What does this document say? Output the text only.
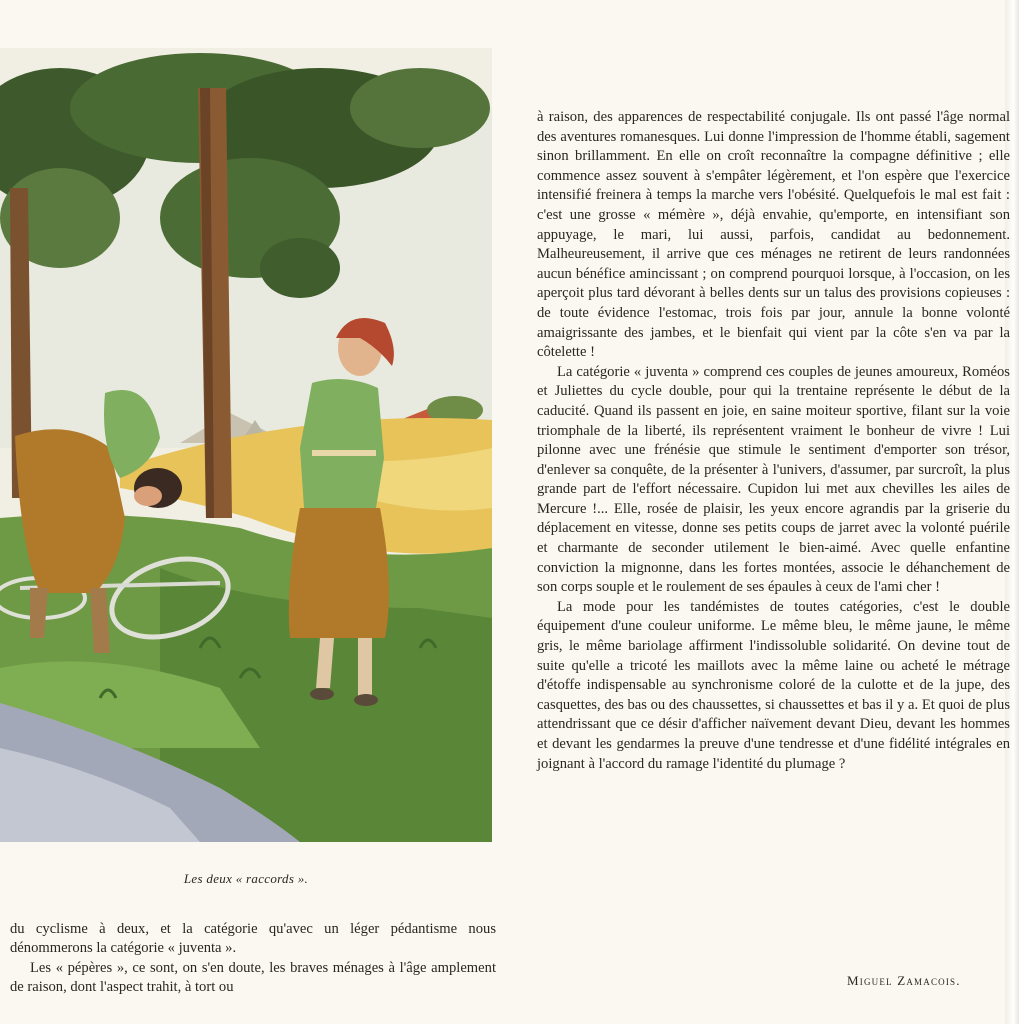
Les deux « raccords ».

du cyclisme à deux, et la catégorie qu'avec un léger pédantisme nous dénommerons la catégorie « juventa ».

Les « pépères », ce sont, on s'en doute, les braves ménages à l'âge amplement de raison, dont l'aspect trahit, à tort ou

à raison, des apparences de respectabilité conjugale. Ils ont passé l'âge normal des aventures romanesques. Lui donne l'impression de l'homme établi, sagement sinon brillamment. En elle on croît reconnaître la compagne définitive ; elle commence assez souvent à s'empâter légèrement, et l'on espère que l'exercice intensifié freinera à temps la marche vers l'obésité. Quelquefois le mal est fait : c'est une grosse « mémère », déjà envahie, qu'emporte, en intensifiant son appuyage, le mari, lui aussi, parfois, candidat au bedonnement. Malheureusement, il arrive que ces ménages ne retirent de leurs randonnées aucun bénéfice amincissant ; on comprend pourquoi lorsque, à l'occasion, on les aperçoit plus tard dévorant à belles dents sur un talus des provisions copieuses : de toute évidence l'estomac, trois fois par jour, annule la bonne volonté amaigrissante des jambes, et le bienfait qui vient par la côte s'en va par la côtelette !

La catégorie « juventa » comprend ces couples de jeunes amoureux, Roméos et Juliettes du cycle double, pour qui la trentaine représente le début de la caducité. Quand ils passent en joie, en saine moiteur sportive, filant sur la voie triomphale de la liberté, ils représentent vraiment le bonheur de vivre ! Lui pilonne avec une frénésie que stimule le sentiment d'emporter son trésor, d'enlever sa conquête, de la présenter à l'univers, d'assumer, par surcroît, la plus grande part de l'effort nécessaire. Cupidon lui met aux chevilles les ailes de Mercure !... Elle, rosée de plaisir, les yeux encore agrandis par la griserie du déplacement en vitesse, donne ses petits coups de jarret avec la volonté puérile et charmante de seconder utilement le bien-aimé. Avec quelle enfantine conviction la mignonne, dans les fortes montées, associe le déhanchement de son corps souple et le roulement de ses épaules à ceux de l'ami cher !

La mode pour les tandémistes de toutes catégories, c'est le double équipement d'une couleur uniforme. Le même bleu, le même jaune, le même gris, le même bariolage affirment l'indissoluble solidarité. On devine tout de suite qu'elle a tricoté les maillots avec la même laine ou acheté le métrage d'étoffe indispensable au synchronisme coloré de la culotte et de la jupe, des casquettes, des bas ou des chaussettes, si chaussettes et bas il y a. Et quoi de plus attendrissant que ce désir d'afficher naïvement devant Dieu, devant les hommes et devant les gendarmes la preuve d'une tendresse et d'une fidélité intégrales en joignant à l'accord du ramage l'identité du plumage ?

Miguel Zamacois.
